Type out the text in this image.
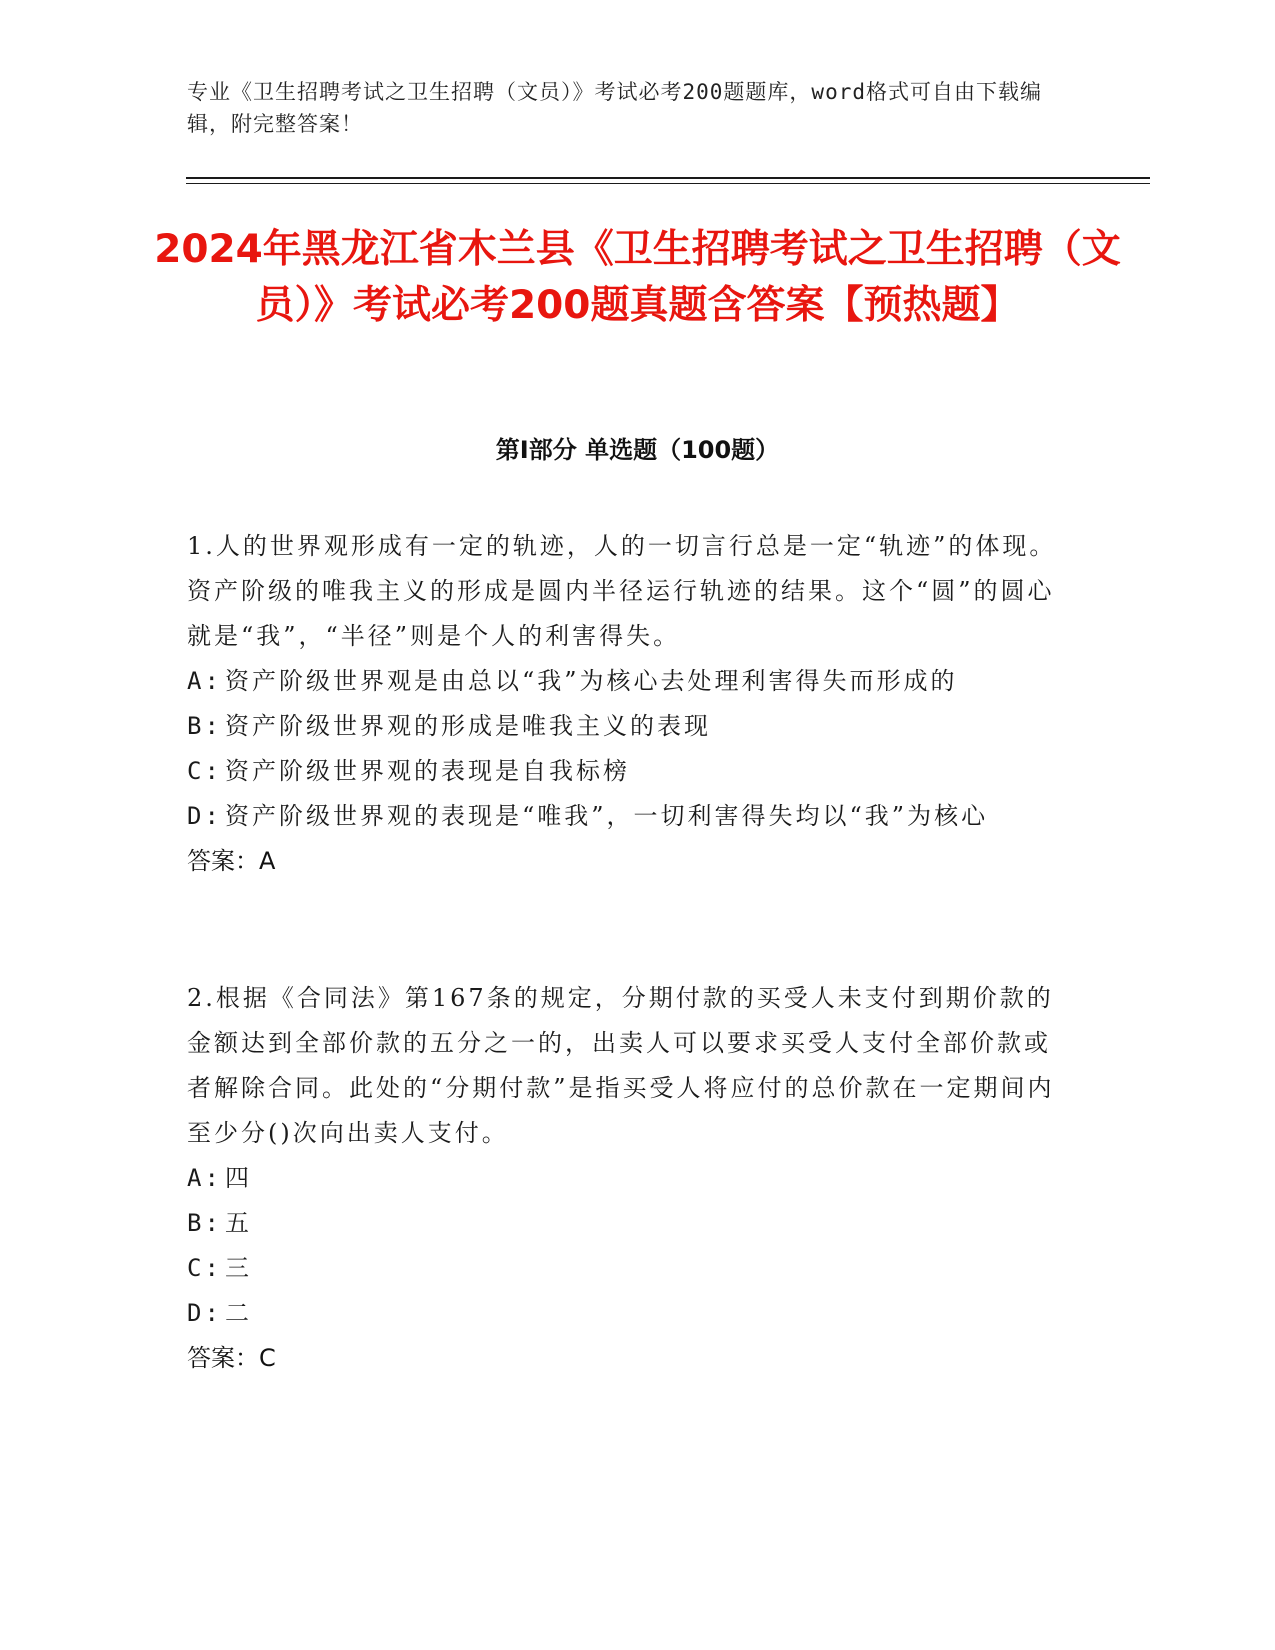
专业《卫生招聘考试之卫生招聘（文员）》考试必考200题题库，word格式可自由下载编辑，附完整答案！
2024年黑龙江省木兰县《卫生招聘考试之卫生招聘（文员）》考试必考200题真题含答案【预热题】
第Ⅰ部分 单选题（100题）

1.人的世界观形成有一定的轨迹，人的一切言行总是一定“轨迹”的体现。资产阶级的唯我主义的形成是圆内半径运行轨迹的结果。这个“圆”的圆心就是“我”，“半径”则是个人的利害得失。

A: 资产阶级世界观是由总以“我”为核心去处理利害得失而形成的
B: 资产阶级世界观的形成是唯我主义的表现
C: 资产阶级世界观的表现是自我标榜
D: 资产阶级世界观的表现是“唯我”，一切利害得失均以“我”为核心

答案：A

2.根据《合同法》第167条的规定，分期付款的买受人未支付到期价款的金额达到全部价款的五分之一的，出卖人可以要求买受人支付全部价款或者解除合同。此处的“分期付款”是指买受人将应付的总价款在一定期间内至少分()次向出卖人支付。

A: 四
B: 五
C: 三
D: 二

答案：C
